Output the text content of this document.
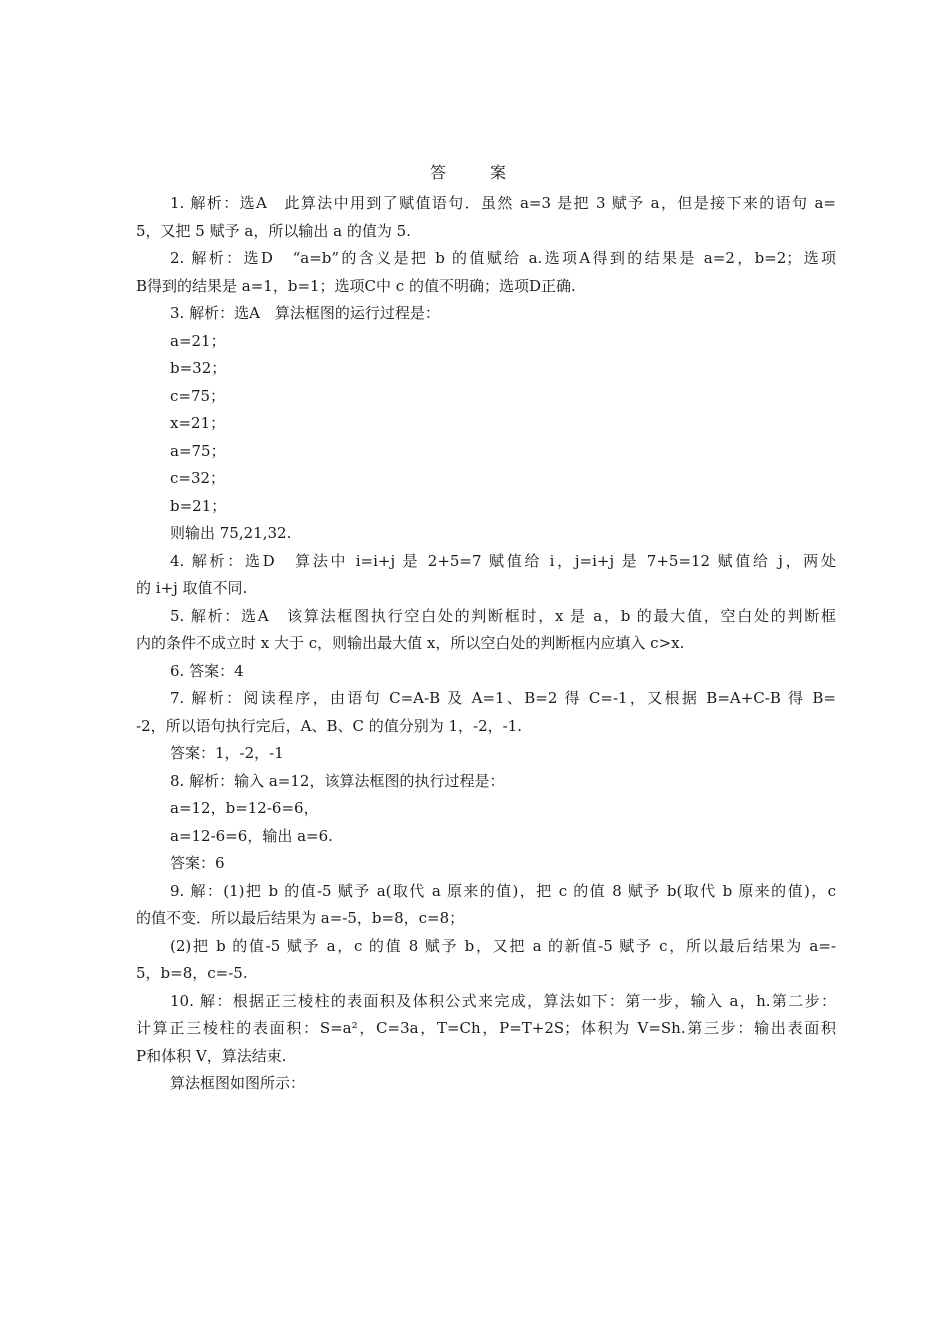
答　案
1. 解析：选A　此算法中用到了赋值语句．虽然 a=3 是把 3 赋予 a，但是接下来的语句 a=
5，又把 5 赋予 a，所以输出 a 的值为 5.
2. 解析：选D　“a=b”的含义是把 b 的值赋给 a.选项A得到的结果是 a=2，b=2；选项
B得到的结果是 a=1，b=1；选项C中 c 的值不明确；选项D正确.
3. 解析：选A　算法框图的运行过程是：
a=21；
b=32；
c=75；
x=21；
a=75；
c=32；
b=21；
则输出 75,21,32.
4. 解析：选D　算法中 i=i+j 是 2+5=7 赋值给 i，j=i+j 是 7+5=12 赋值给 j，两处
的 i+j 取值不同.
5. 解析：选A　该算法框图执行空白处的判断框时，x 是 a，b 的最大值，空白处的判断框
内的条件不成立时 x 大于 c，则输出最大值 x，所以空白处的判断框内应填入 c>x.
6. 答案：4
7. 解析：阅读程序，由语句 C=A-B 及 A=1、B=2 得 C=-1，又根据 B=A+C-B 得 B=
-2，所以语句执行完后，A、B、C 的值分别为 1，-2，-1.
答案：1，-2，-1
8. 解析：输入 a=12，该算法框图的执行过程是：
a=12，b=12-6=6，
a=12-6=6，输出 a=6.
答案：6
9. 解：(1)把 b 的值-5 赋予 a(取代 a 原来的值)，把 c 的值 8 赋予 b(取代 b 原来的值)，c
的值不变．所以最后结果为 a=-5，b=8，c=8；
(2)把 b 的值-5 赋予 a，c 的值 8 赋予 b，又把 a 的新值-5 赋予 c，所以最后结果为 a=-
5，b=8，c=-5.
10. 解：根据正三棱柱的表面积及体积公式来完成，算法如下：第一步，输入 a，h.第二步：
计算正三棱柱的表面积：S=a²，C=3a，T=Ch，P=T+2S；体积为 V=Sh.第三步：输出表面积
P和体积 V，算法结束.
算法框图如图所示：
